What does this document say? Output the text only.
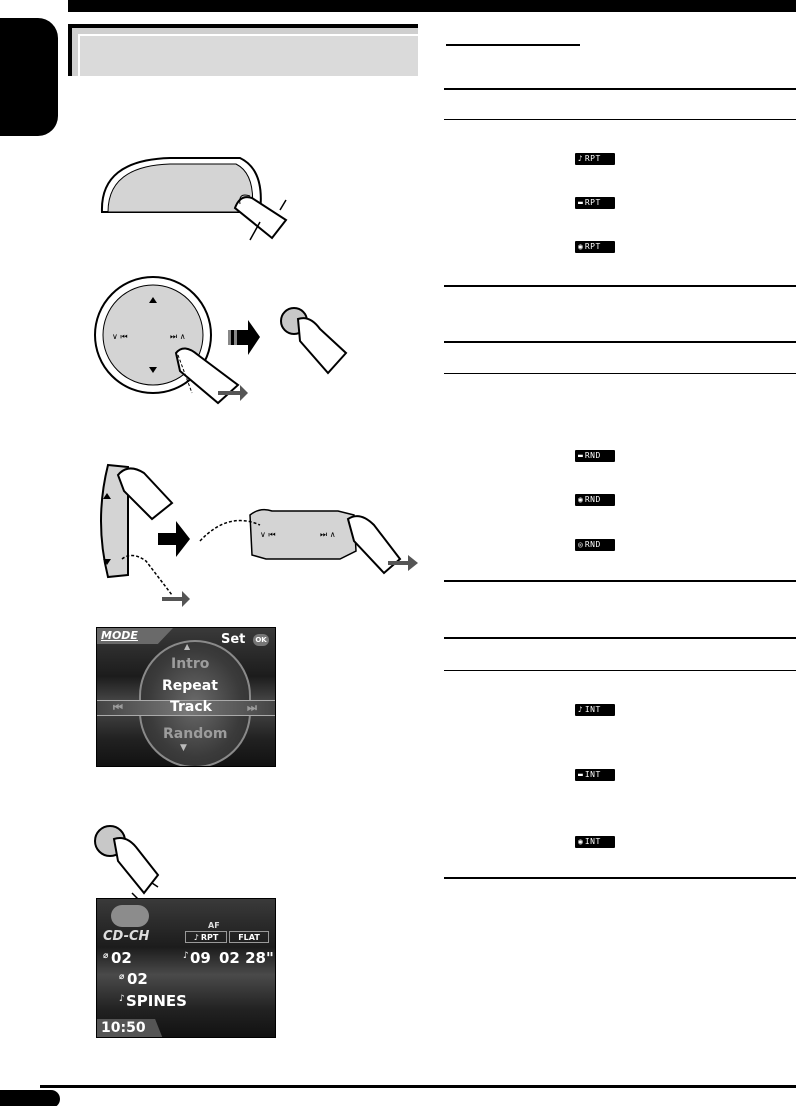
∨ ⏮	⏭ ∧
∨ ⏮	⏭ ∧
MODE	Set	OK
▲
Intro
Repeat
Track
⏮	⏭
Random
▼
CD-CH
AF
♪ RPT FLAT
⌀ 02	♪ 09 02 28"
⌀ 02
♪ SPINES
10:50
♪ RPT
▬ RPT
◉ RPT
▬ RND
◉ RND
◎ RND
♪ INT
▬ INT
◉ INT
